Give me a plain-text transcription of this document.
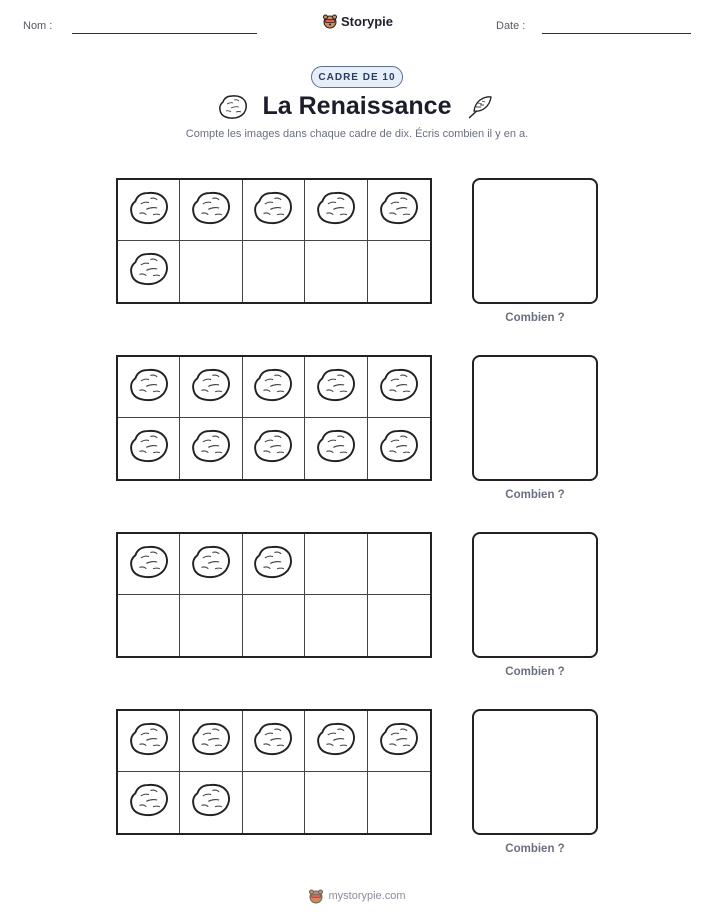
Nom :	Storypie	Date :
CADRE DE 10
La Renaissance
Compte les images dans chaque cadre de dix. Écris combien il y en a.
Combien ?
Combien ?
Combien ?
Combien ?
mystorypie.com
